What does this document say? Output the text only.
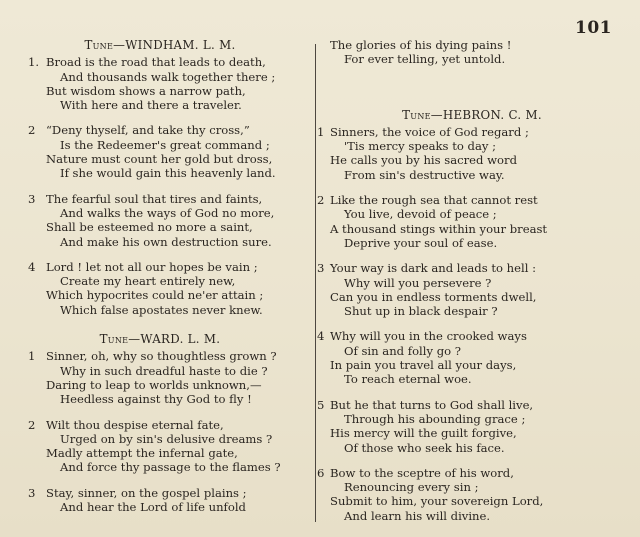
101
Tune—WINDHAM. L. M.
1. Broad is the road that leads to death,
And thousands walk together there ;
But wisdom shows a narrow path,
With here and there a traveler.
2 “Deny thyself, and take thy cross,”
Is the Redeemer's great command ;
Nature must count her gold but dross,
If she would gain this heavenly land.
3 The fearful soul that tires and faints,
And walks the ways of God no more,
Shall be esteemed no more a saint,
And make his own destruction sure.
4 Lord ! let not all our hopes be vain ;
Create my heart entirely new,
Which hypocrites could ne'er attain ;
Which false apostates never knew.
Tune—WARD. L. M.
1 Sinner, oh, why so thoughtless grown ?
Why in such dreadful haste to die ?
Daring to leap to worlds unknown,—
Heedless against thy God to fly !
2 Wilt thou despise eternal fate,
Urged on by sin's delusive dreams ?
Madly attempt the infernal gate,
And force thy passage to the flames ?
3 Stay, sinner, on the gospel plains ;
And hear the Lord of life unfold
The glories of his dying pains !
For ever telling, yet untold.
Tune—HEBRON. C. M.
1 Sinners, the voice of God regard ;
'Tis mercy speaks to day ;
He calls you by his sacred word
From sin's destructive way.
2 Like the rough sea that cannot rest
You live, devoid of peace ;
A thousand stings within your breast
Deprive your soul of ease.
3 Your way is dark and leads to hell :
Why will you persevere ?
Can you in endless torments dwell,
Shut up in black despair ?
4 Why will you in the crooked ways
Of sin and folly go ?
In pain you travel all your days,
To reach eternal woe.
5 But he that turns to God shall live,
Through his abounding grace ;
His mercy will the guilt forgive,
Of those who seek his face.
6 Bow to the sceptre of his word,
Renouncing every sin ;
Submit to him, your sovereign Lord,
And learn his will divine.
